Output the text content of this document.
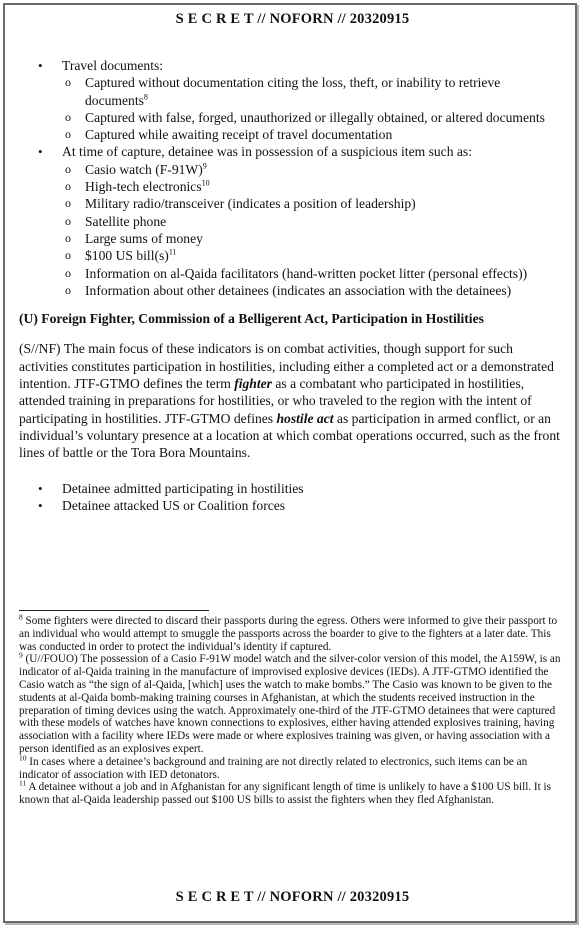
S E C R E T // NOFORN // 20320915
• Travel documents:
o Captured without documentation citing the loss, theft, or inability to retrieve documents$^8$
o Captured with false, forged, unauthorized or illegally obtained, or altered documents
o Captured while awaiting receipt of travel documentation
• At time of capture, detainee was in possession of a suspicious item such as:
o Casio watch $(F-91W)^9$
o High-tech electronics$^{10}$
o Military radio/transceiver (indicates a position of leadership)
o Satellite phone
o Large sums of money
o $100 US $bill(s)^{11}$
o Information on al-Qaida facilitators (hand-written pocket litter (personal effects))
o Information about other detainees (indicates an association with the detainees)
(U) Foreign Fighter, Commission of a Belligerent Act, Participation in Hostilities
(S//NF) The main focus of these indicators is on combat activities, though support for such activities constitutes participation in hostilities, including either a completed act or a demonstrated intention. JTF-GTMO defines the term fighter as a combatant who participated in hostilities, attended training in preparations for hostilities, or who traveled to the region with the intent of participating in hostilities. JTF-GTMO defines hostile act as participation in armed conflict, or an individual’s voluntary presence at a location at which combat operations occurred, such as the front lines of battle or the Tora Bora Mountains.
• Detainee admitted participating in hostilities
• Detainee attacked US or Coalition forces
$^8$ Some fighters were directed to discard their passports during the egress. Others were informed to give their passport to an individual who would attempt to smuggle the passports across the boarder to give to the fighters at a later date. This was conducted in order to protect the individual’s identity if captured.
$^9$ (U//FOUO) The possession of a Casio F-91W model watch and the silver-color version of this model, the A159W, is an indicator of al-Qaida training in the manufacture of improvised explosive devices (IEDs). A JTF-GTMO identified the Casio watch as “the sign of al-Qaida, [which] uses the watch to make bombs.” The Casio was known to be given to the students at al-Qaida bomb-making training courses in Afghanistan, at which the students received instruction in the preparation of timing devices using the watch. Approximately one-third of the JTF-GTMO detainees that were captured with these models of watches have known connections to explosives, either having attended explosives training, having association with a facility where IEDs were made or where explosives training was given, or having association with a person identified as an explosives expert.
$^{10}$ In cases where a detainee’s background and training are not directly related to electronics, such items can be an indicator of association with IED detonators.
$^{11}$ A detainee without a job and in Afghanistan for any significant length of time is unlikely to have a $100 US bill. It is known that al-Qaida leadership passed out $100 US bills to assist the fighters when they fled Afghanistan.
S E C R E T // NOFORN // 20320915
